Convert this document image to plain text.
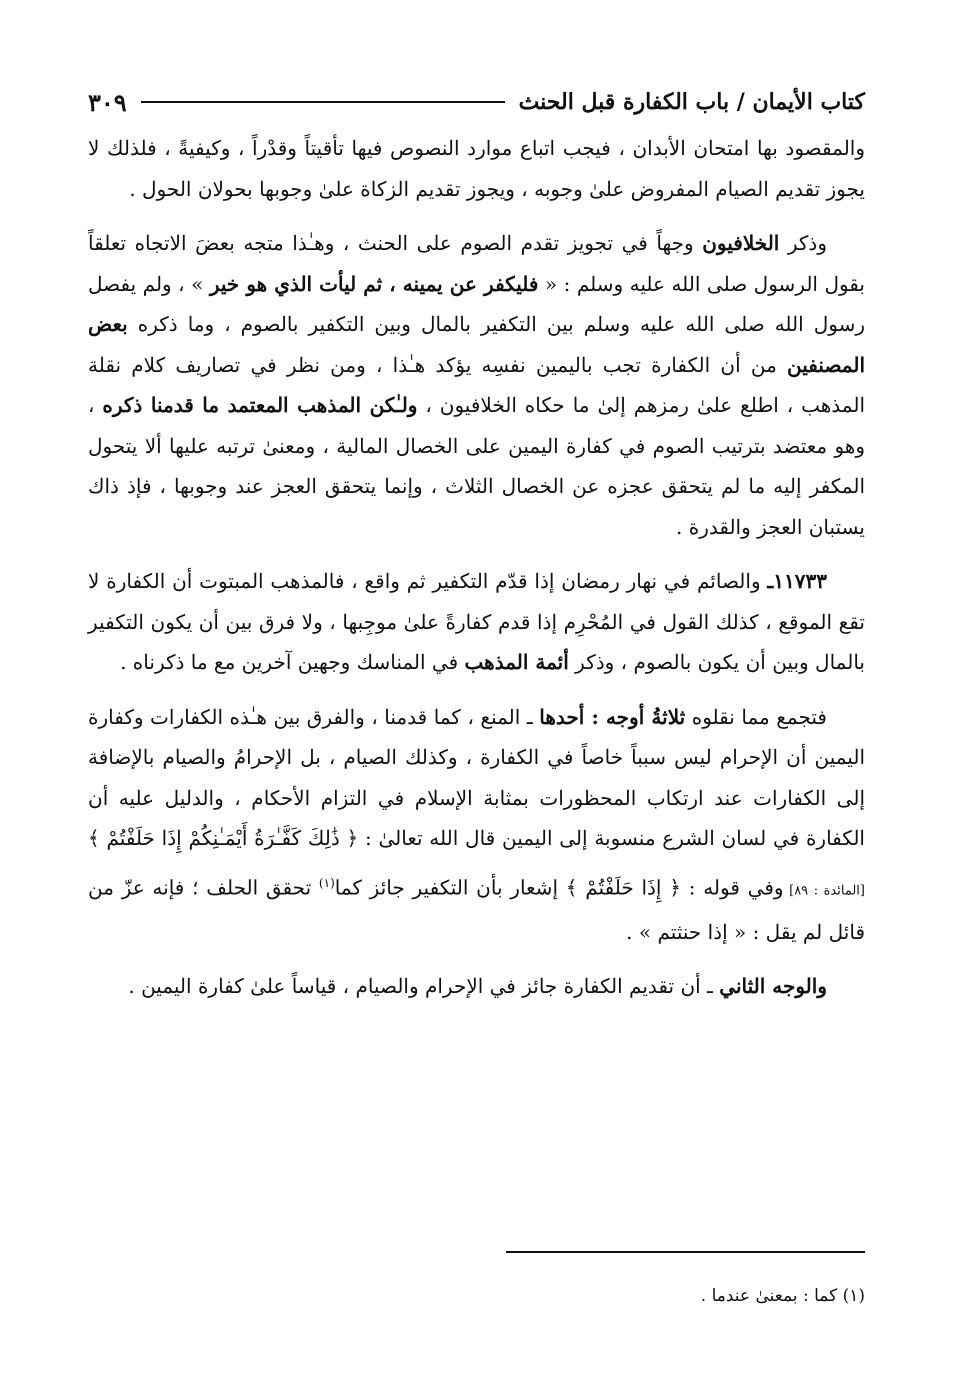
كتاب الأيمان / باب الكفارة قبل الحنث
٣٠٩

والمقصود بها امتحان الأبدان ، فيجب اتباع موارد النصوص فيها تأقيتاً وقدْراً ، وكيفيةً ، فلذلك لا يجوز تقديم الصيام المفروض علىٰ وجوبه ، ويجوز تقديم الزكاة علىٰ وجوبها بحولان الحول .

وذكر الخلافيون وجهاً في تجويز تقدم الصوم على الحنث ، وهـٰذا متجه بعضَ الاتجاه تعلقاً بقول الرسول صلى الله عليه وسلم : « فليكفر عن يمينه ، ثم ليأت الذي هو خير » ، ولم يفصل رسول الله صلى الله عليه وسلم بين التكفير بالمال وبين التكفير بالصوم ، وما ذكره بعض المصنفين من أن الكفارة تجب باليمين نفسِه يؤكد هـٰذا ، ومن نظر في تصاريف كلام نقلة المذهب ، اطلع علىٰ رمزهم إلىٰ ما حكاه الخلافيون ، ولـٰكن المذهب المعتمد ما قدمنا ذكره ، وهو معتضد بترتيب الصوم في كفارة اليمين على الخصال المالية ، ومعنىٰ ترتبه عليها ألا يتحول المكفر إليه ما لم يتحقق عجزه عن الخصال الثلاث ، وإنما يتحقق العجز عند وجوبها ، فإذ ذاك يستبان العجز والقدرة .

١١٧٣٣ـ والصائم في نهار رمضان إذا قدّم التكفير ثم واقع ، فالمذهب المبتوت أن الكفارة لا تقع الموقع ، كذلك القول في المُحْرِم إذا قدم كفارةً علىٰ موجِبها ، ولا فرق بين أن يكون التكفير بالمال وبين أن يكون بالصوم ، وذكر أئمة المذهب في المناسك وجهين آخرين مع ما ذكرناه .

فتجمع مما نقلوه ثلاثةُ أوجه : أحدها ـ المنع ، كما قدمنا ، والفرق بين هـٰذه الكفارات وكفارة اليمين أن الإحرام ليس سبباً خاصاً في الكفارة ، وكذلك الصيام ، بل الإحرامُ والصيام بالإضافة إلى الكفارات عند ارتكاب المحظورات بمثابة الإسلام في التزام الأحكام ، والدليل عليه أن الكفارة في لسان الشرع منسوبة إلى اليمين قال الله تعالىٰ : ﴿ ذَٰلِكَ كَفَّـٰرَةُ أَيْمَـٰنِكُمْ إِذَا حَلَفْتُمْ ﴾ [المائدة : ٨٩] وفي قوله : ﴿ إِذَا حَلَفْتُمْ ﴾ إشعار بأن التكفير جائز كما$^{(١)}$ تحقق الحلف ؛ فإنه عزّ من قائل لم يقل : « إذا حنثتم » .

والوجه الثاني ـ أن تقديم الكفارة جائز في الإحرام والصيام ، قياساً علىٰ كفارة اليمين .

(١) كما : بمعنىٰ عندما .
